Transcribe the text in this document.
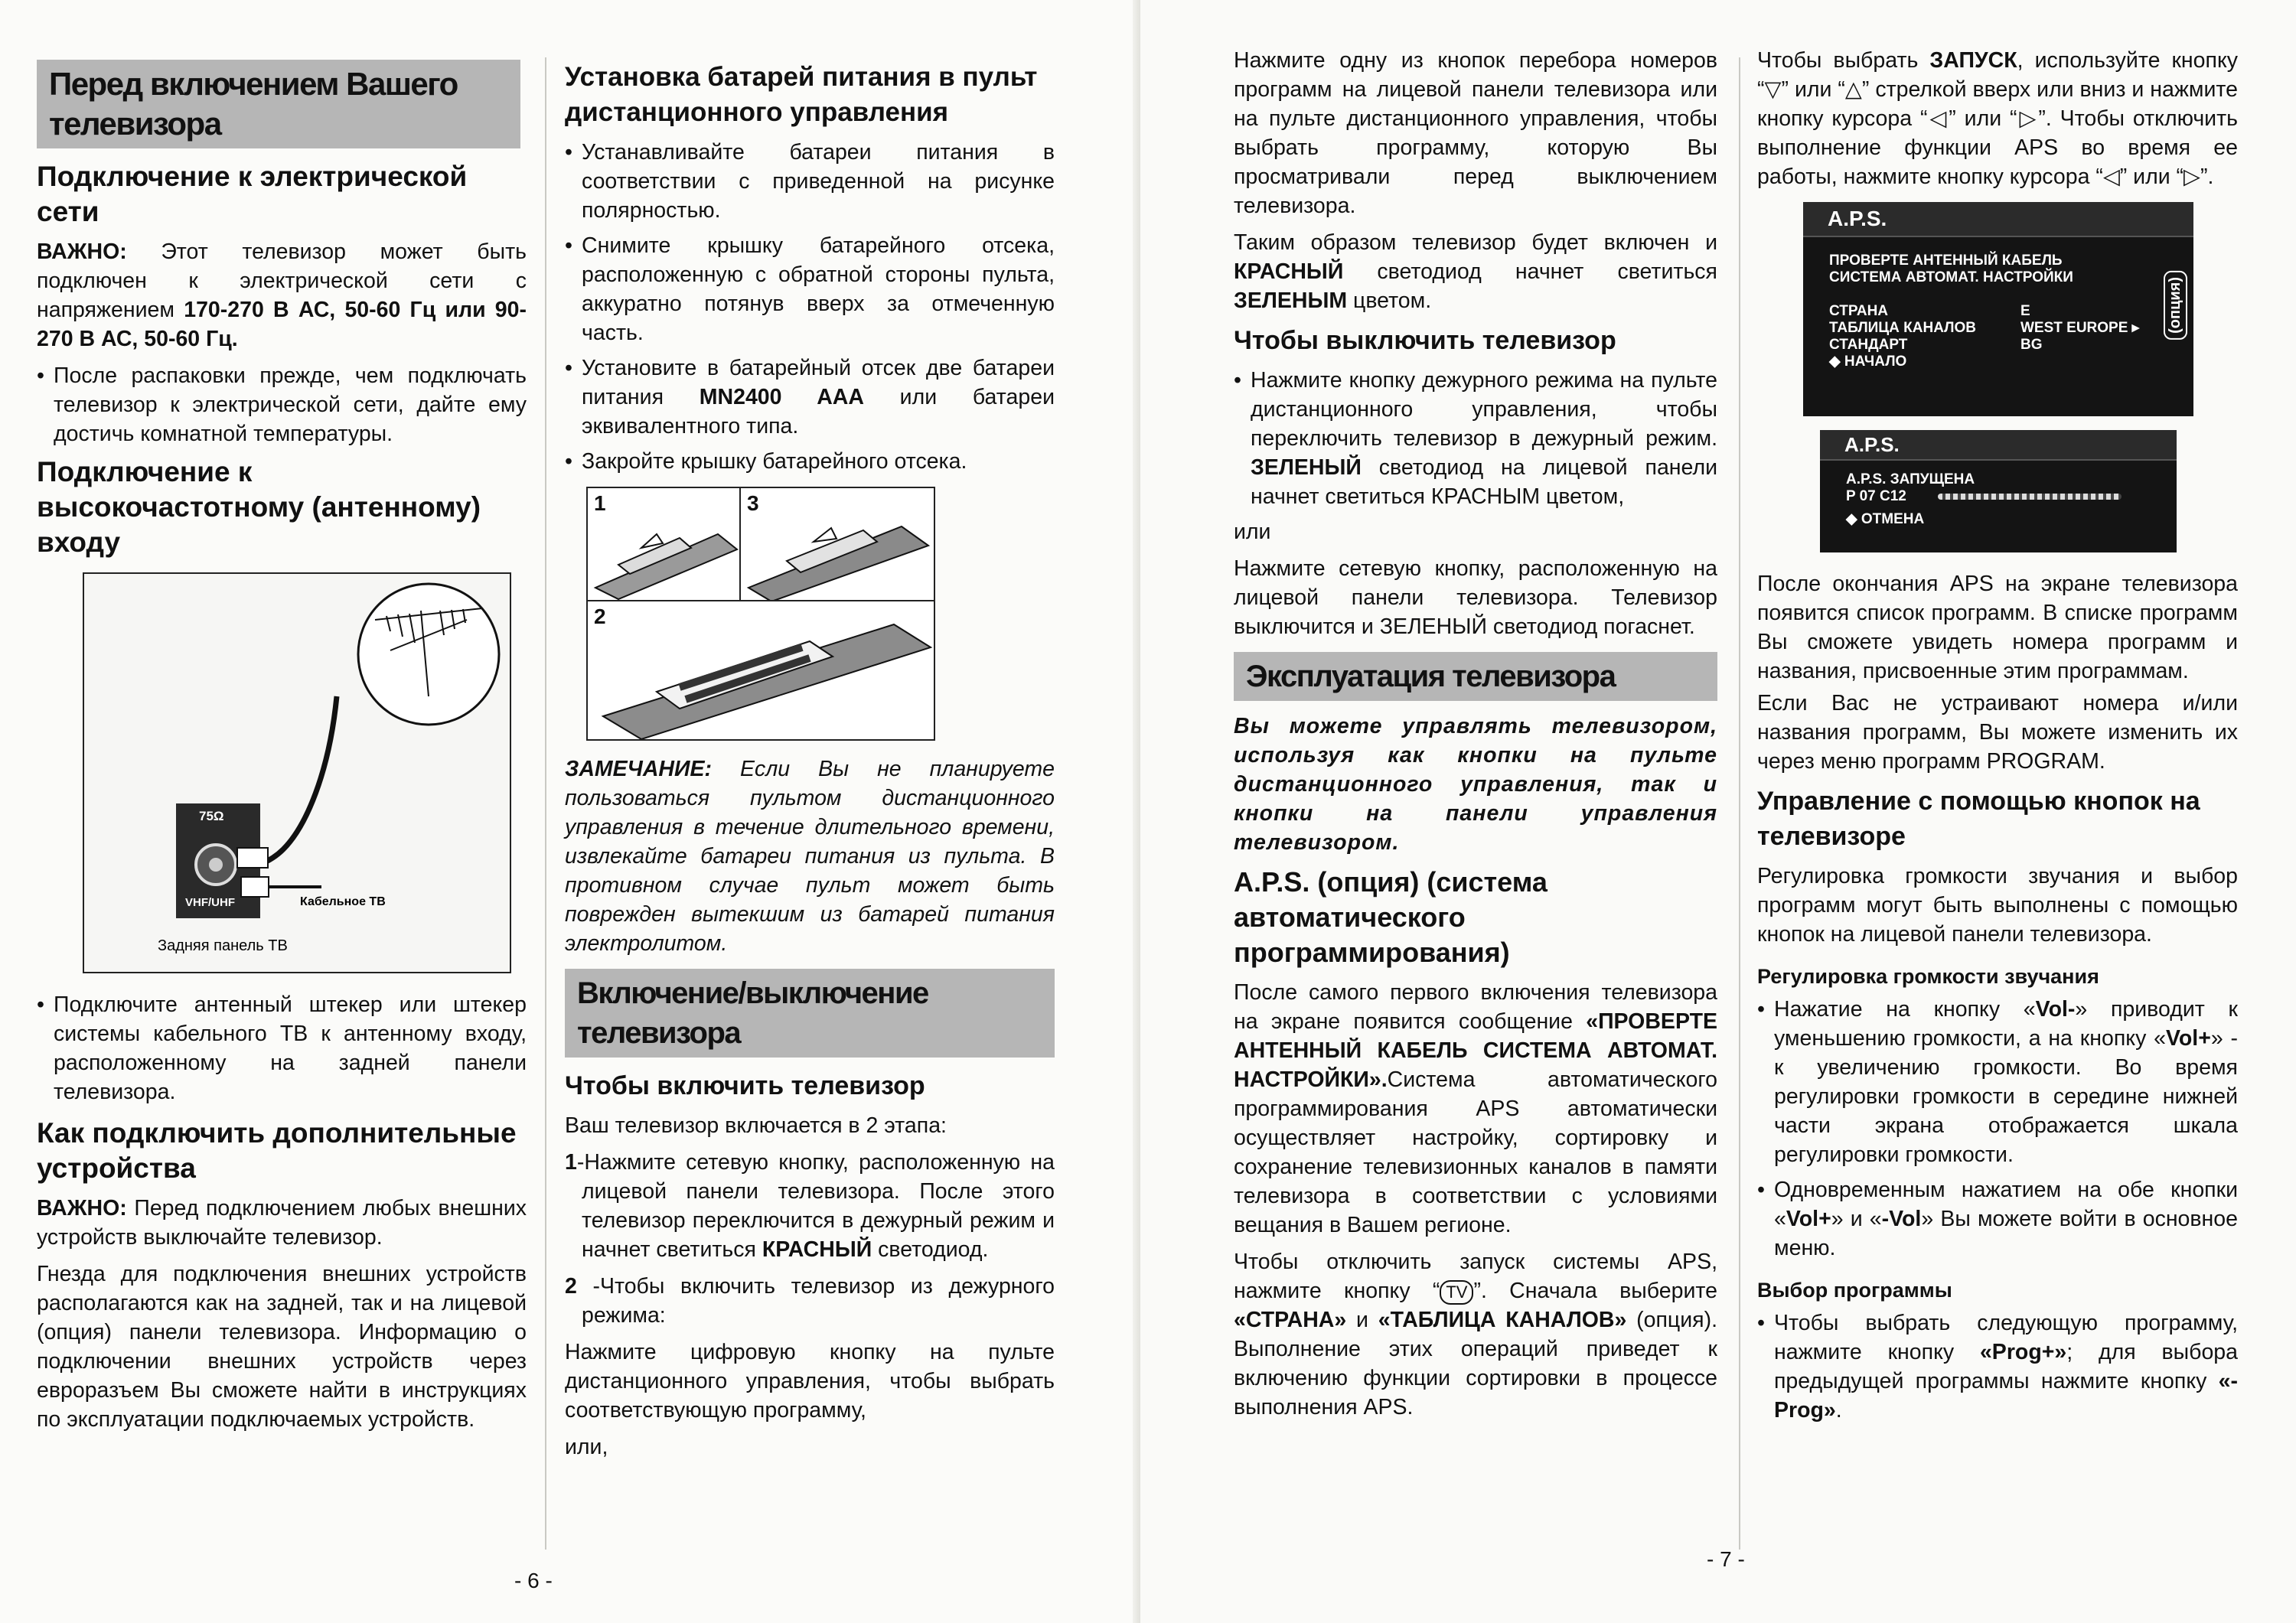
Перед включением Вашего телевизора
Подключение к электрической сети

ВАЖНО: Этот телевизор может быть подключен к электрической сети с напряжением 170-270 В АС, 50-60 Гц или 90-270 В АС, 50-60 Гц.

• После распаковки прежде, чем подключать телевизор к электрической сети, дайте ему достичь комнатной температуры.
Подключение к высокочастотному (антенному) входу
75Ω
VHF/UHF	Кабельное ТВ
Задняя панель ТВ
• Подключите антенный штекер или штекер системы кабельного ТВ к антенному входу, расположенному на задней панели телевизора.
Как подключить дополнительные устройства

ВАЖНО: Перед подключением любых внешних устройств выключайте телевизор.

Гнезда для подключения внешних устройств располагаются как на задней, так и на лицевой (опция) панели телевизора. Информацию о подключении внешних устройств через евроразъем Вы сможете найти в инструкциях по эксплуатации подключаемых устройств.

Установка батарей питания в пульт дистанционного управления
• Устанавливайте батареи питания в соответствии с приведенной на рисунке полярностью.
• Снимите крышку батарейного отсека, расположенную с обратной стороны пульта, аккуратно потянув вверх за отмеченную часть.
• Установите в батарейный отсек две батареи питания MN2400 AAA или батареи эквивалентного типа.
• Закройте крышку батарейного отсека.
1	3
2

ЗАМЕЧАНИЕ: Если Вы не планируете пользоваться пультом дистанционного управления в течение длительного времени, извлекайте батареи питания из пульта. В противном случае пульт может быть поврежден вытекшим из батарей питания электролитом.

Включение/выключение телевизора
Чтобы включить телевизор

Ваш телевизор включается в 2 этапа:

1-Нажмите сетевую кнопку, расположенную на лицевой панели телевизора. После этого телевизор переключится в дежурный режим и начнет светиться КРАСНЫЙ светодиод.
2 -Чтобы включить телевизор из дежурного режима:

Нажмите цифровую кнопку на пульте дистанционного управления, чтобы выбрать соответствующую программу,

или,

- 6 -

Нажмите одну из кнопок перебора номеров программ на лицевой панели телевизора или на пульте дистанционного управления, чтобы выбрать программу, которую Вы просматривали перед выключением телевизора.

Таким образом телевизор будет включен и КРАСНЫЙ светодиод начнет светиться ЗЕЛЕНЫМ цветом.

Чтобы выключить телевизор
• Нажмите кнопку дежурного режима на пульте дистанционного управления, чтобы переключить телевизор в дежурный режим. ЗЕЛЕНЫЙ светодиод на лицевой панели начнет светиться КРАСНЫМ цветом,

или

Нажмите сетевую кнопку, расположенную на лицевой панели телевизора. Телевизор выключится и ЗЕЛЕНЫЙ светодиод погаснет.

Эксплуатация телевизора

Вы можете управлять телевизором, используя как кнопки на пульте дистанционного управления, так и кнопки на панели управления телевизором.

A.P.S. (опция) (система автоматического программирования)

После самого первого включения телевизора на экране появится сообщение «ПРОВЕРТЕ АНТЕННЫЙ КАБЕЛЬ СИСТЕМА АВТОМАТ. НАСТРОЙКИ».Система автоматического программирования APS автоматически осуществляет настройку, сортировку и сохранение телевизионных каналов в памяти телевизора в соответствии с условиями вещания в Вашем регионе.

Чтобы отключить запуск системы APS, нажмите кнопку “ TV ”. Сначала выберите «СТРАНА» и «ТАБЛИЦА КАНАЛОВ» (опция). Выполнение этих операций приведет к включению функции сортировки в процессе выполнения APS.

Чтобы выбрать ЗАПУСК, используйте кнопку “▽” или “△” стрелкой вверх или вниз и нажмите кнопку курсора “◁” или “▷”. Чтобы отключить выполнение функции APS во время ее работы, нажмите кнопку курсора “◁” или “▷”.

A.P.S.
ПРОВЕРТЕ АНТЕННЫЙ КАБЕЛЬ
СИСТЕМА АВТОМАТ. НАСТРОЙКИ
СТРАНА	E
ТАБЛИЦА КАНАЛОВ	WEST EUROPE ▸
СТАНДАРТ	BG
◆ НАЧАЛО
(опция)
A.P.S.
A.P.S. ЗАПУЩЕНА
P 07 C12
◆ ОТМЕНА

После окончания APS на экране телевизора появится список программ. В списке программ Вы сможете увидеть номера программ и названия, присвоенные этим программам.

Если Вас не устраивают номера и/или названия программ, Вы можете изменить их через меню программ PROGRAM.

Управление с помощью кнопок на телевизоре

Регулировка громкости звучания и выбор программ могут быть выполнены с помощью кнопок на лицевой панели телевизора.

Регулировка громкости звучания
• Нажатие на кнопку «Vol-» приводит к уменьшению громкости, а на кнопку «Vol+» - к увеличению громкости. Во время регулировки громкости в середине нижней части экрана отображается шкала регулировки громкости.
• Одновременным нажатием на обе кнопки «Vol+» и «-Vol» Вы можете войти в основное меню.
Выбор программы
• Чтобы выбрать следующую программу, нажмите кнопку «Prog+»; для выбора предыдущей программы нажмите кнопку «-Prog».
- 7 -
